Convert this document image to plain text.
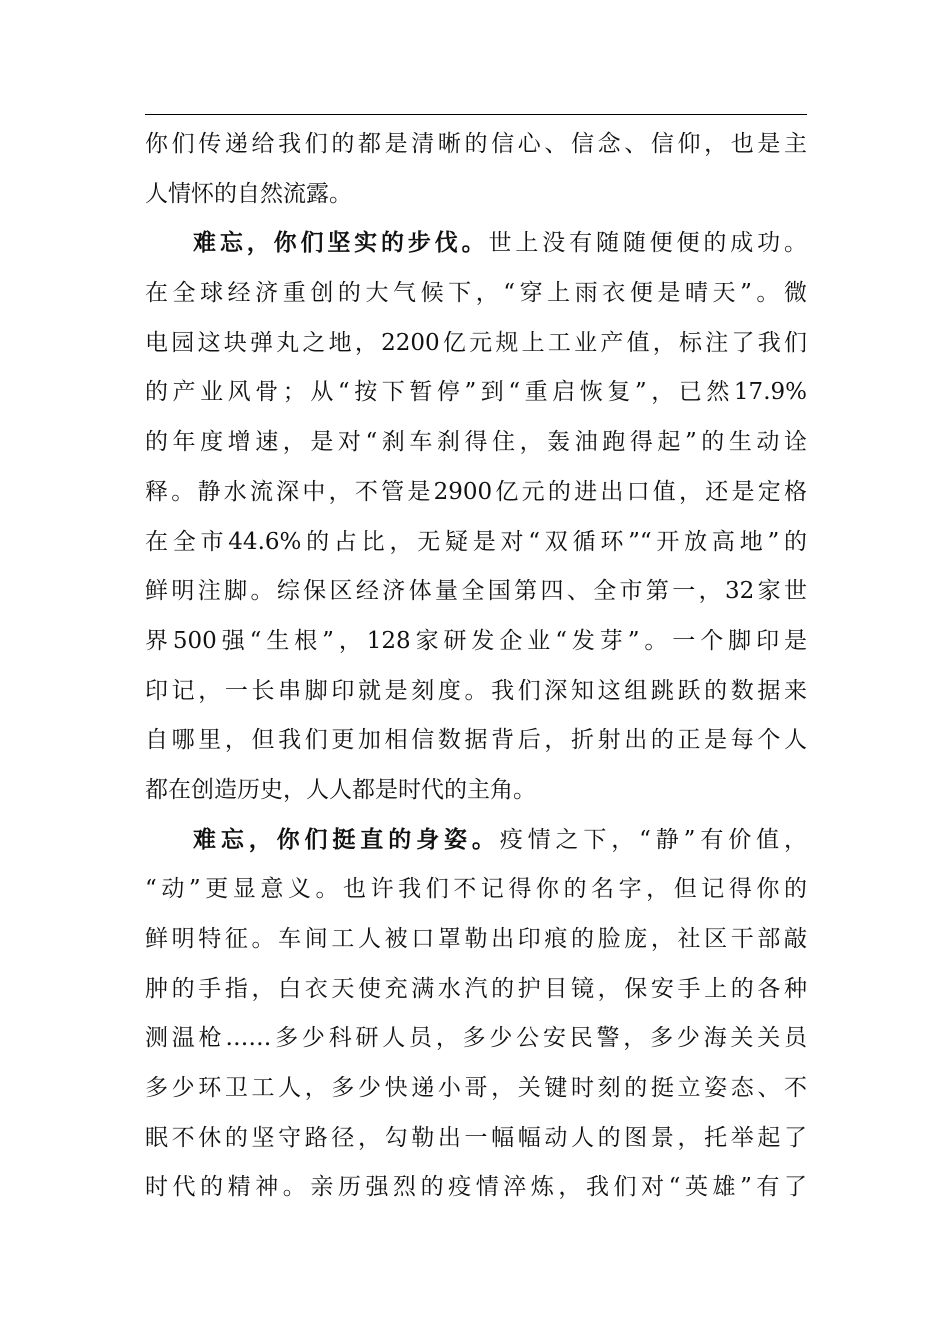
你们传递给我们的都是清晰的信心、信念、信仰，也是主
人情怀的自然流露。
难忘，你们坚实的步伐。世上没有随随便便的成功。
在全球经济重创的大气候下，“穿上雨衣便是晴天”。微
电园这块弹丸之地，2200亿元规上工业产值，标注了我们
的产业风骨；从“按下暂停”到“重启恢复”，已然17.9%
的年度增速，是对“刹车刹得住，轰油跑得起”的生动诠
释。静水流深中，不管是2900亿元的进出口值，还是定格
在全市44.6%的占比，无疑是对“双循环”“开放高地”的
鲜明注脚。综保区经济体量全国第四、全市第一，32家世
界500强“生根”，128家研发企业“发芽”。一个脚印是
印记，一长串脚印就是刻度。我们深知这组跳跃的数据来
自哪里，但我们更加相信数据背后，折射出的正是每个人
都在创造历史，人人都是时代的主角。
难忘，你们挺直的身姿。疫情之下，“静”有价值，
“动”更显意义。也许我们不记得你的名字，但记得你的
鲜明特征。车间工人被口罩勒出印痕的脸庞，社区干部敲
肿的手指，白衣天使充满水汽的护目镜，保安手上的各种
测温枪……多少科研人员，多少公安民警，多少海关关员
多少环卫工人，多少快递小哥，关键时刻的挺立姿态、不
眠不休的坚守路径，勾勒出一幅幅动人的图景，托举起了
时代的精神。亲历强烈的疫情淬炼，我们对“英雄”有了
